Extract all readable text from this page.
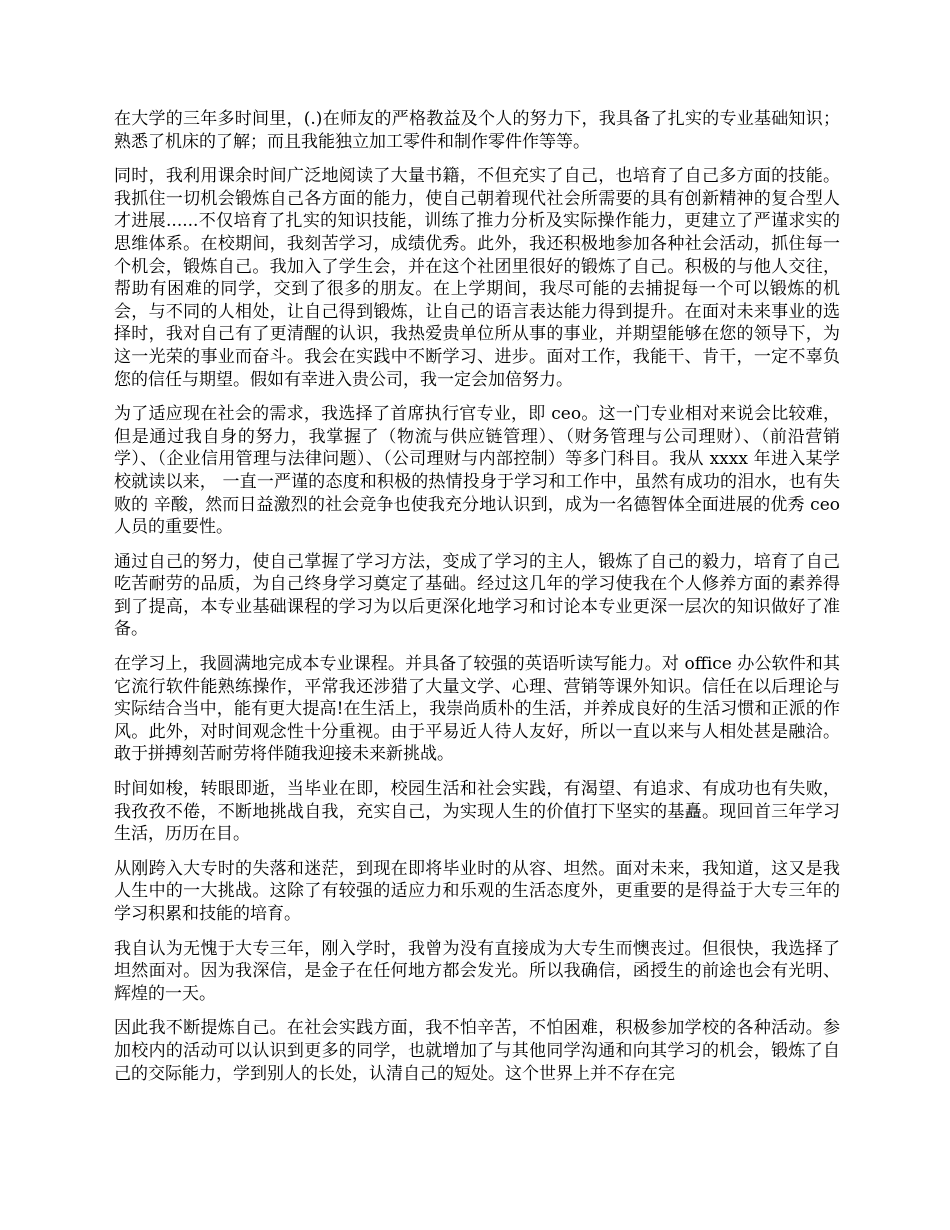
在大学的三年多时间里，(.)在师友的严格教益及个人的努力下，我具备了扎实的专业基础知识；熟悉了机床的了解；而且我能独立加工零件和制作零件作等等。

同时，我利用课余时间广泛地阅读了大量书籍，不但充实了自己，也培育了自己多方面的技能。我抓住一切机会锻炼自己各方面的能力，使自己朝着现代社会所需要的具有创新精神的复合型人才进展......不仅培育了扎实的知识技能，训练了推力分析及实际操作能力，更建立了严谨求实的思维体系。在校期间，我刻苦学习，成绩优秀。此外，我还积极地参加各种社会活动，抓住每一个机会，锻炼自己。我加入了学生会，并在这个社团里很好的锻炼了自己。积极的与他人交往，帮助有困难的同学，交到了很多的朋友。在上学期间，我尽可能的去捕捉每一个可以锻炼的机会，与不同的人相处，让自己得到锻炼，让自己的语言表达能力得到提升。在面对未来事业的选择时，我对自己有了更清醒的认识，我热爱贵单位所从事的事业，并期望能够在您的领导下，为这一光荣的事业而奋斗。我会在实践中不断学习、进步。面对工作，我能干、肯干，一定不辜负您的信任与期望。假如有幸进入贵公司，我一定会加倍努力。

为了适应现在社会的需求，我选择了首席执行官专业，即 ceo。这一门专业相对来说会比较难，但是通过我自身的努力，我掌握了（物流与供应链管理）、（财务管理与公司理财）、（前沿营销学）、（企业信用管理与法律问题）、（公司理财与内部控制）等多门科目。我从 xxxx 年进入某学校就读以来， 一直一严谨的态度和积极的热情投身于学习和工作中，虽然有成功的泪水，也有失败的 辛酸，然而日益激烈的社会竞争也使我充分地认识到，成为一名德智体全面进展的优秀 ceo 人员的重要性。

通过自己的努力，使自己掌握了学习方法，变成了学习的主人，锻炼了自己的毅力，培育了自己吃苦耐劳的品质，为自己终身学习奠定了基础。经过这几年的学习使我在个人修养方面的素养得到了提高，本专业基础课程的学习为以后更深化地学习和讨论本专业更深一层次的知识做好了准备。

在学习上，我圆满地完成本专业课程。并具备了较强的英语听读写能力。对 office 办公软件和其它流行软件能熟练操作，平常我还涉猎了大量文学、心理、营销等课外知识。信任在以后理论与实际结合当中，能有更大提高!在生活上，我崇尚质朴的生活，并养成良好的生活习惯和正派的作风。此外，对时间观念性十分重视。由于平易近人待人友好，所以一直以来与人相处甚是融洽。敢于拼搏刻苦耐劳将伴随我迎接未来新挑战。

时间如梭，转眼即逝，当毕业在即，校园生活和社会实践，有渴望、有追求、有成功也有失败，我孜孜不倦，不断地挑战自我，充实自己，为实现人生的价值打下坚实的基矗。现回首三年学习生活，历历在目。

从刚跨入大专时的失落和迷茫，到现在即将毕业时的从容、坦然。面对未来，我知道，这又是我人生中的一大挑战。这除了有较强的适应力和乐观的生活态度外，更重要的是得益于大专三年的学习积累和技能的培育。

我自认为无愧于大专三年，刚入学时，我曾为没有直接成为大专生而懊丧过。但很快，我选择了坦然面对。因为我深信，是金子在任何地方都会发光。所以我确信，函授生的前途也会有光明、辉煌的一天。

因此我不断提炼自己。在社会实践方面，我不怕辛苦，不怕困难，积极参加学校的各种活动。参加校内的活动可以认识到更多的同学，也就增加了与其他同学沟通和向其学习的机会，锻炼了自己的交际能力，学到别人的长处，认清自己的短处。这个世界上并不存在完
